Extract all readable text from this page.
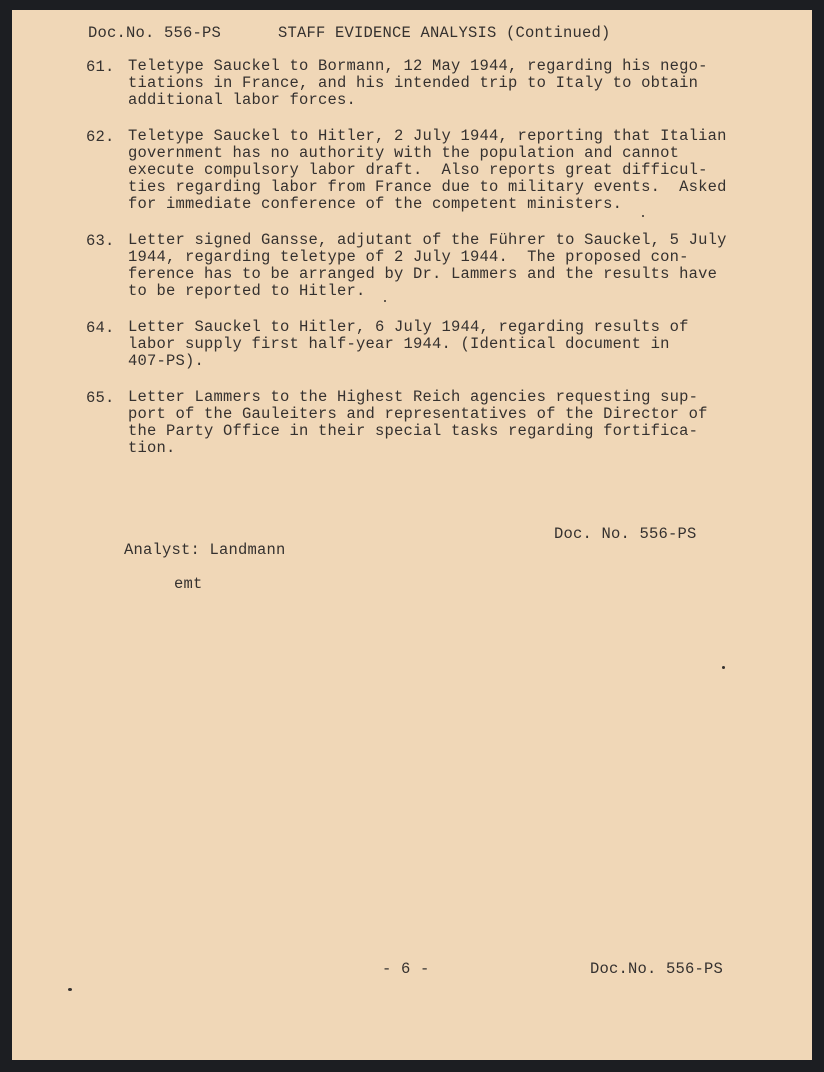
Doc.No. 556-PS	STAFF EVIDENCE ANALYSIS (Continued)
61. Teletype Sauckel to Bormann, 12 May 1944, regarding his nego-
tiations in France, and his intended trip to Italy to obtain
additional labor forces.
62. Teletype Sauckel to Hitler, 2 July 1944, reporting that Italian
government has no authority with the population and cannot
execute compulsory labor draft.  Also reports great difficul-
ties regarding labor from France due to military events.  Asked
for immediate conference of the competent ministers.
63. Letter signed Gansse, adjutant of the Führer to Sauckel, 5 July
1944, regarding teletype of 2 July 1944.  The proposed con-
ference has to be arranged by Dr. Lammers and the results have
to be reported to Hitler.
64. Letter Sauckel to Hitler, 6 July 1944, regarding results of
labor supply first half-year 1944. (Identical document in
407-PS).
65. Letter Lammers to the Highest Reich agencies requesting sup-
port of the Gauleiters and representatives of the Director of
the Party Office in their special tasks regarding fortifica-
tion.

Analyst: Landmann

emt

Doc. No. 556-PS
- 6 -	Doc.No. 556-PS
